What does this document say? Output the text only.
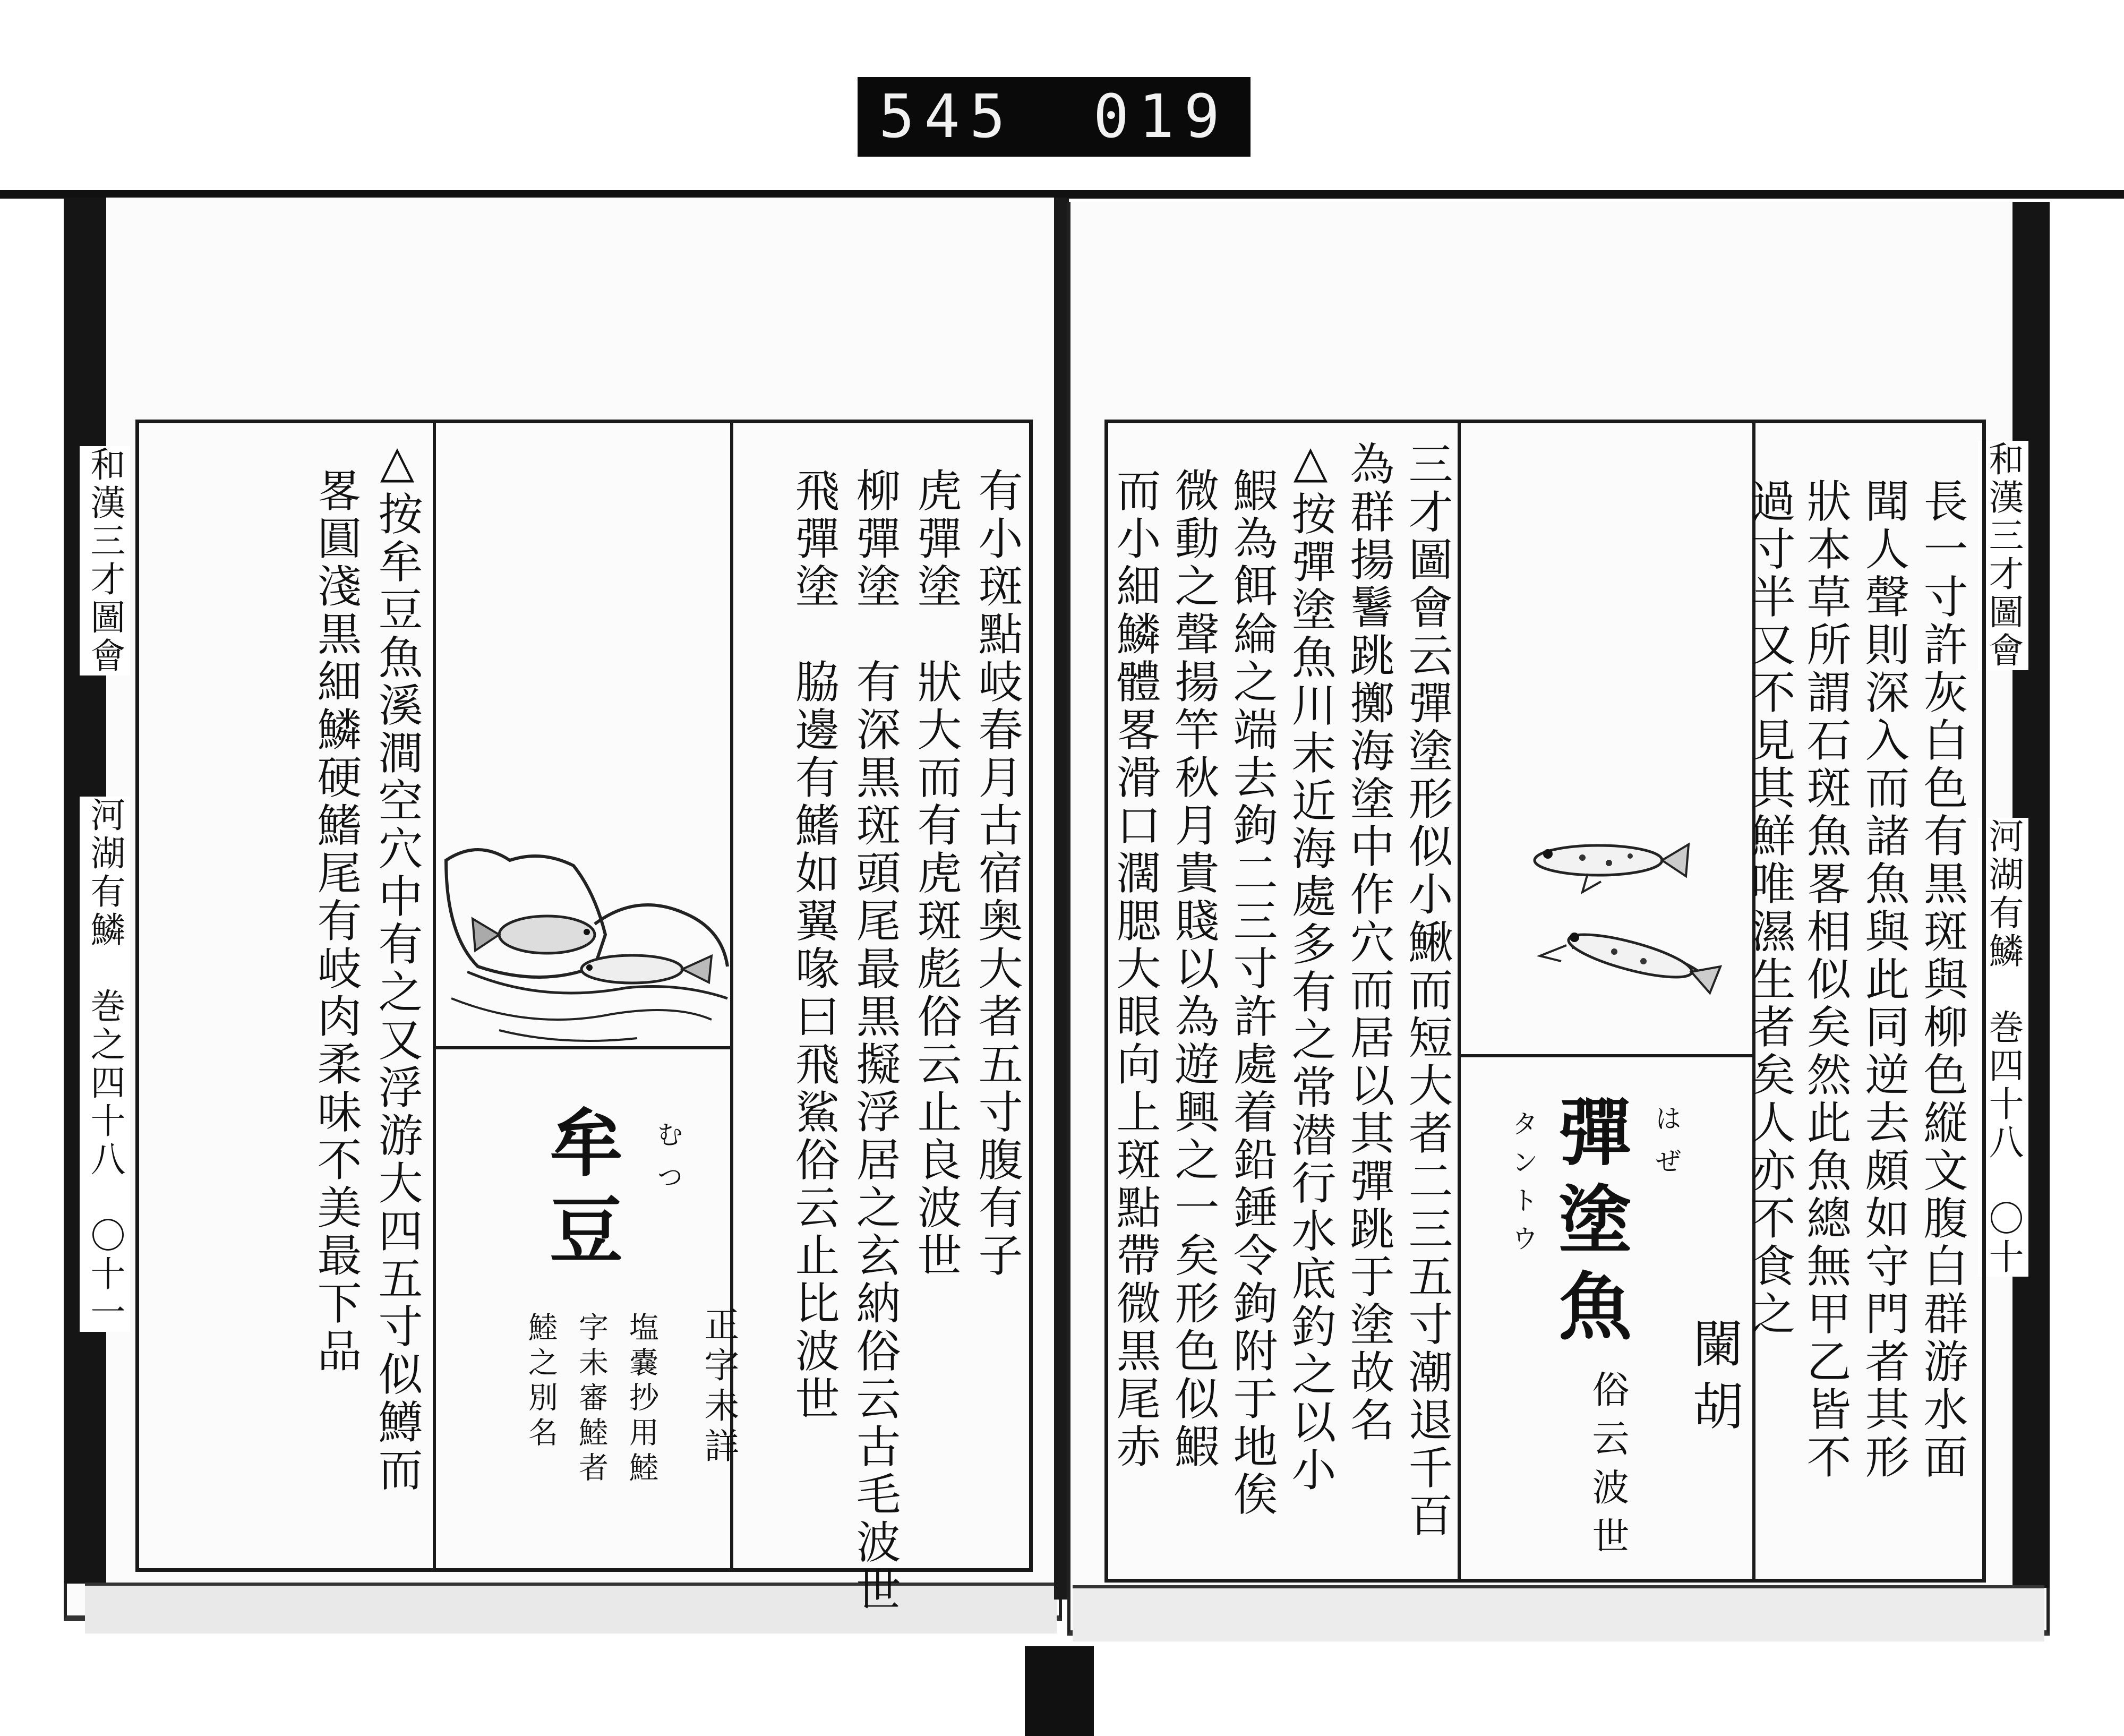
545 019
和漢三才圖會
河湖有鱗　巻之四十八　〇十一	有小斑點岐春月古宿奥大者五寸腹有子
虎彈塗　狀大而有虎斑彪俗云止良波世
柳彈塗　有深黒斑頭尾最黒擬浮居之玄納俗云古毛波世
飛彈塗　脇邊有鰭如翼喙曰飛鯊俗云止比波世
△按牟豆魚溪澗空穴中有之又浮游大四五寸似鱒而
畧圓淺黒細鱗硬鰭尾有岐肉柔味不美最下品 牟豆	むつ
正字未詳
塩嚢抄用鯥
字未審鯥者
鯥之別名
和漢三才圖會
河湖有鱗　巻四十八　〇十
長一寸許灰白色有黒斑與柳色縦文腹白群游水面
聞人聲則深入而諸魚與此同逆去頗如守門者其形
狀本草所謂石斑魚畧相似矣然此魚總無甲乙皆不
過寸半又不見其鮮唯濕生者矣人亦不食之
三才圖會云彈塗形似小鰍而短大者二三五寸潮退千百
為群揚鬐跳擲海塗中作穴而居以其彈跳于塗故名
△按彈塗魚川末近海處多有之常潜行水底釣之以小
鰕為餌綸之端去鉤二三寸許處着鉛錘令鉤附于地俟
微動之聲揚竿秋月貴賤以為遊興之一矣形色似鰕
而小細鱗體畧滑口濶腮大眼向上斑點帶微黒尾赤	彈塗魚 はぜ
タントウ
闌胡
俗云波世
